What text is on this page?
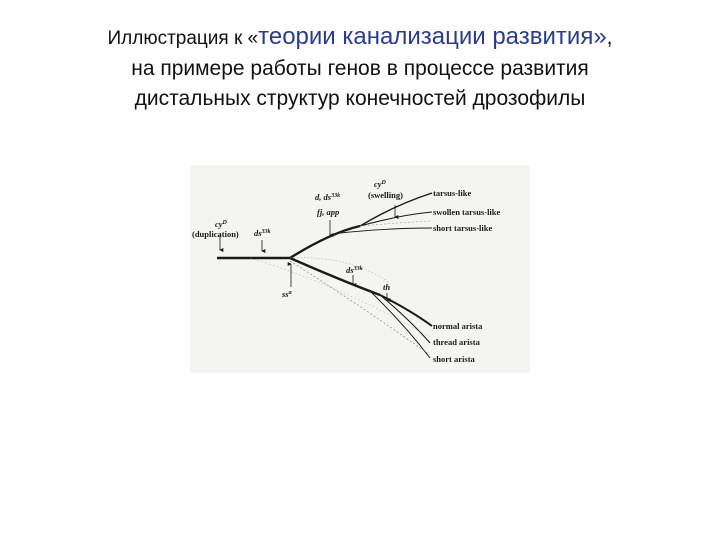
Иллюстрация к «теории канализации развития»,
на примере работы генов в процессе развития
дистальных структур конечностей дрозофилы
$cy^D$
(duplication) $ds^{33k}$
d, $ds^{33k}$
fj, app
$cy^D$
(swelling)
$ss^a$
$ds^{33k}$
th
tarsus-like
swollen tarsus-like
short tarsus-like
normal arista
thread arista
short arista
